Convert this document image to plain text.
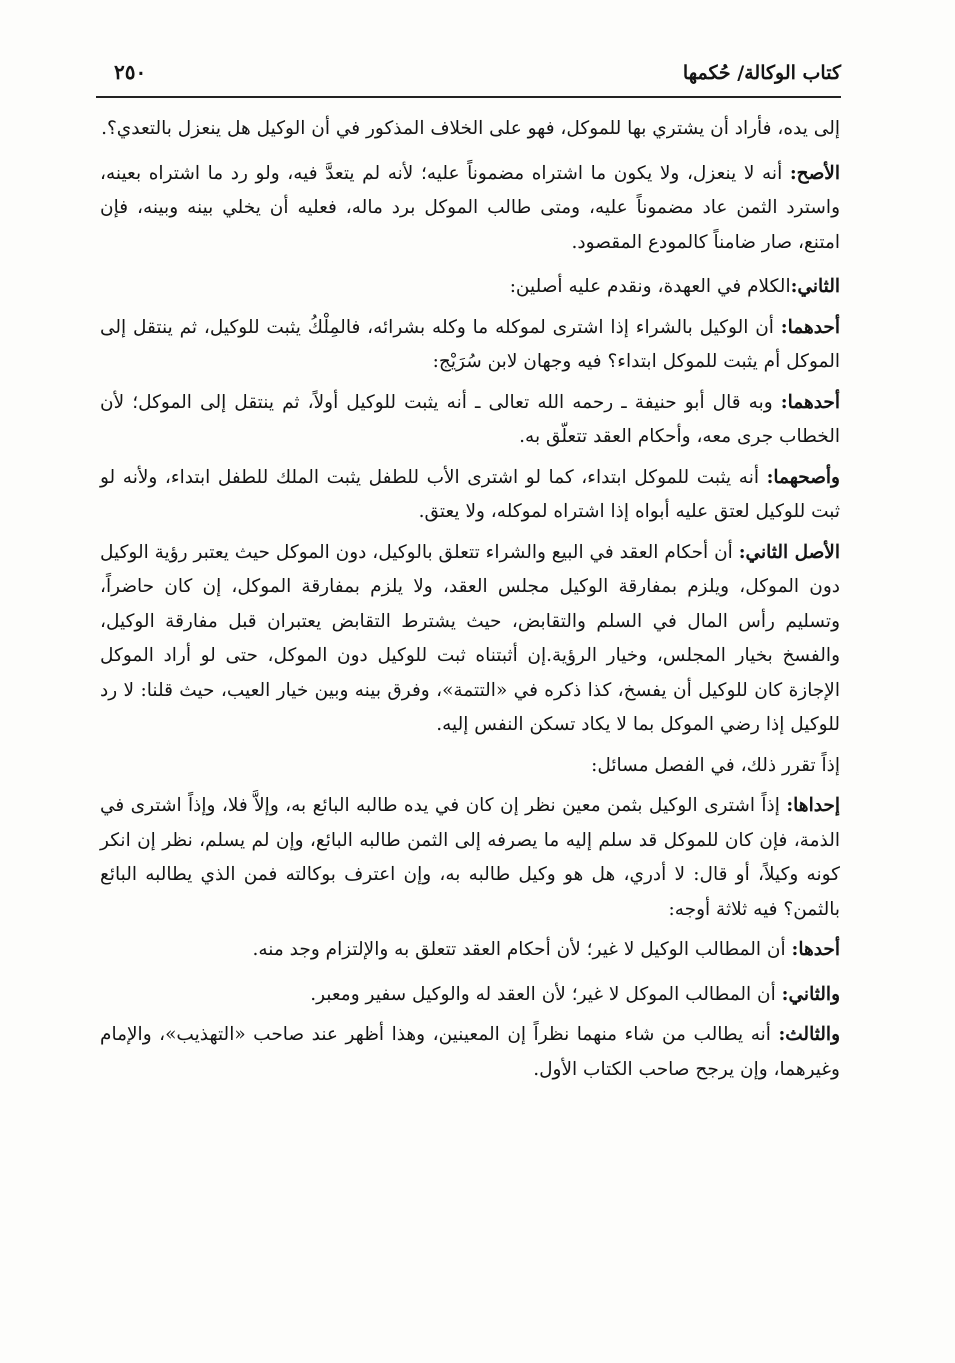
كتاب الوكالة/ حُكمها
٢٥٠

إلى يده، فأراد أن يشتري بها للموكل، فهو على الخلاف المذكور في أن الوكيل هل ينعزل بالتعدي؟.

الأصح: أنه لا ينعزل، ولا يكون ما اشتراه مضموناً عليه؛ لأنه لم يتعدَّ فيه، ولو رد ما اشتراه بعينه، واسترد الثمن عاد مضموناً عليه، ومتى طالب الموكل برد ماله، فعليه أن يخلي بينه وبينه، فإن امتنع، صار ضامناً كالمودع المقصود.

الثاني:الكلام في العهدة، ونقدم عليه أصلين:

أحدهما: أن الوكيل بالشراء إذا اشترى لموكله ما وكله بشرائه، فالمِلْكُ يثبت للوكيل، ثم ينتقل إلى الموكل أم يثبت للموكل ابتداء؟ فيه وجهان لابن سُرَيْج:

أحدهما: وبه قال أبو حنيفة ـ رحمه الله تعالى ـ أنه يثبت للوكيل أولاً، ثم ينتقل إلى الموكل؛ لأن الخطاب جرى معه، وأحكام العقد تتعلّق به.

وأصحهما: أنه يثبت للموكل ابتداء، كما لو اشترى الأب للطفل يثبت الملك للطفل ابتداء، ولأنه لو ثبت للوكيل لعتق عليه أبواه إذا اشتراه لموكله، ولا يعتق.

الأصل الثاني: أن أحكام العقد في البيع والشراء تتعلق بالوكيل، دون الموكل حيث يعتبر رؤية الوكيل دون الموكل، ويلزم بمفارقة الوكيل مجلس العقد، ولا يلزم بمفارقة الموكل، إن كان حاضراً، وتسليم رأس المال في السلم والتقابض، حيث يشترط التقابض يعتبران قبل مفارقة الوكيل، والفسخ بخيار المجلس، وخيار الرؤية.إن أثبتناه ثبت للوكيل دون الموكل، حتى لو أراد الموكل الإجازة كان للوكيل أن يفسخ، كذا ذكره في «التتمة»، وفرق بينه وبين خيار العيب، حيث قلنا: لا رد للوكيل إذا رضي الموكل بما لا يكاد تسكن النفس إليه.

إذاً تقرر ذلك، في الفصل مسائل:

إحداها: إذاً اشترى الوكيل بثمن معين نظر إن كان في يده طالبه البائع به، وإلاَّ فلا، وإذاً اشترى في الذمة، فإن كان للموكل قد سلم إليه ما يصرفه إلى الثمن طالبه البائع، وإن لم يسلم، نظر إن انكر كونه وكيلاً، أو قال: لا أدري، هل هو وكيل طالبه به، وإن اعترف بوكالته فمن الذي يطالبه البائع بالثمن؟ فيه ثلاثة أوجه:

أحدها: أن المطالب الوكيل لا غير؛ لأن أحكام العقد تتعلق به والإلتزام وجد منه.

والثاني: أن المطالب الموكل لا غير؛ لأن العقد له والوكيل سفير ومعبر.

والثالث: أنه يطالب من شاء منهما نظراً إن المعينين، وهذا أظهر عند صاحب «التهذيب»، والإمام وغيرهما، وإن يرجح صاحب الكتاب الأول.
